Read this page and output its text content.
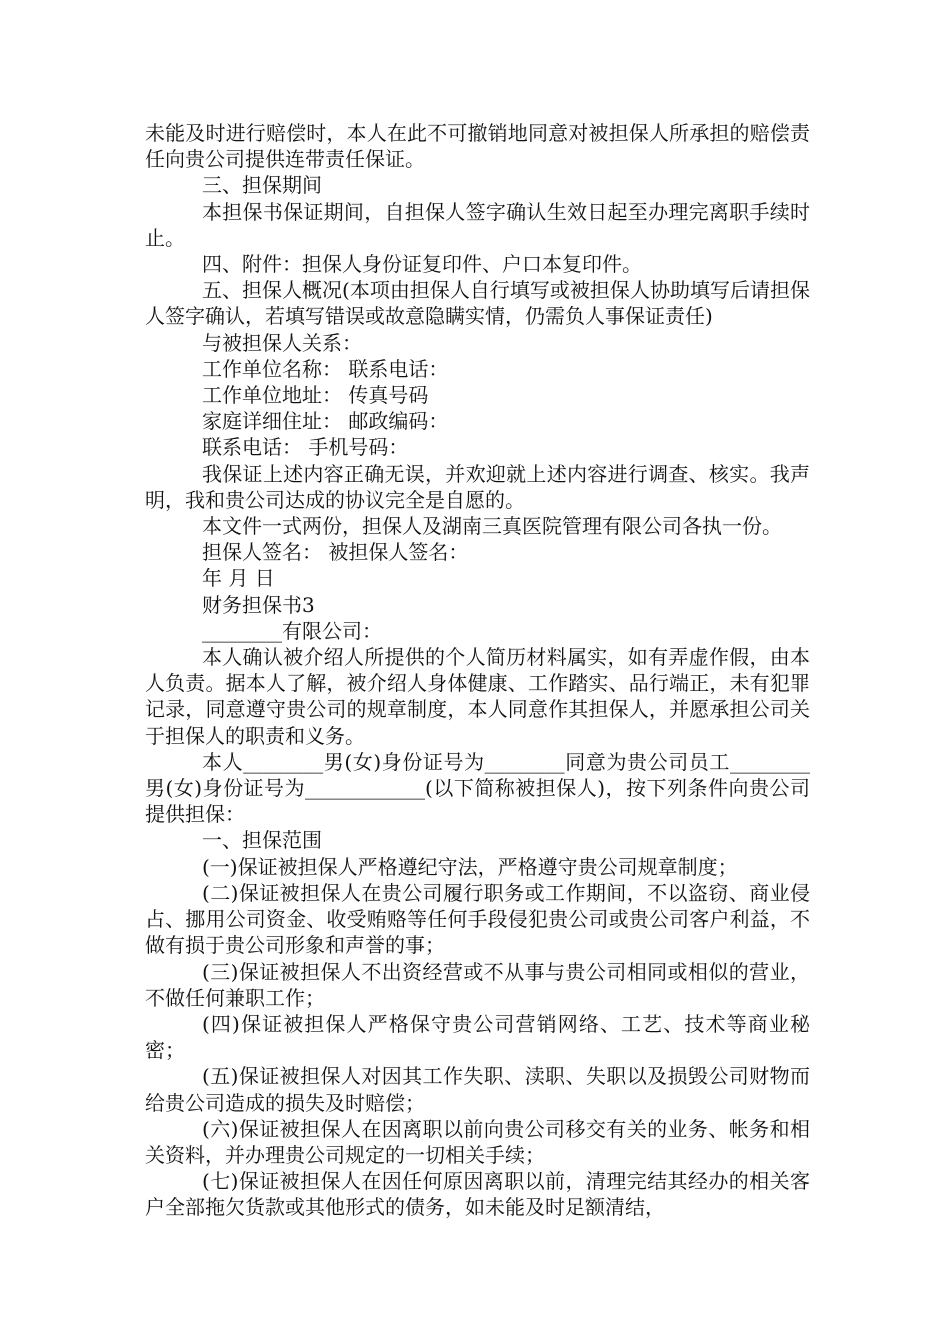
未能及时进行赔偿时，本人在此不可撤销地同意对被担保人所承担的赔偿责任向贵公司提供连带责任保证。

三、担保期间

本担保书保证期间，自担保人签字确认生效日起至办理完离职手续时止。

四、附件：担保人身份证复印件、户口本复印件。

五、担保人概况(本项由担保人自行填写或被担保人协助填写后请担保人签字确认，若填写错误或故意隐瞒实情，仍需负人事保证责任)

与被担保人关系：

工作单位名称： 联系电话：

工作单位地址： 传真号码

家庭详细住址： 邮政编码：

联系电话： 手机号码：

我保证上述内容正确无误，并欢迎就上述内容进行调查、核实。我声明，我和贵公司达成的协议完全是自愿的。

本文件一式两份，担保人及湖南三真医院管理有限公司各执一份。

担保人签名： 被担保人签名：

年 月 日

财务担保书3

________有限公司：

本人确认被介绍人所提供的个人简历材料属实，如有弄虚作假，由本人负责。据本人了解，被介绍人身体健康、工作踏实、品行端正，未有犯罪记录，同意遵守贵公司的规章制度，本人同意作其担保人，并愿承担公司关于担保人的职责和义务。

本人________男(女)身份证号为________同意为贵公司员工________男(女)身份证号为____________(以下简称被担保人)，按下列条件向贵公司提供担保：

一、担保范围

(一)保证被担保人严格遵纪守法，严格遵守贵公司规章制度；

(二)保证被担保人在贵公司履行职务或工作期间，不以盗窃、商业侵占、挪用公司资金、收受贿赂等任何手段侵犯贵公司或贵公司客户利益，不做有损于贵公司形象和声誉的事；

(三)保证被担保人不出资经营或不从事与贵公司相同或相似的营业，不做任何兼职工作；

(四)保证被担保人严格保守贵公司营销网络、工艺、技术等商业秘密；

(五)保证被担保人对因其工作失职、渎职、失职以及损毁公司财物而给贵公司造成的损失及时赔偿；

(六)保证被担保人在因离职以前向贵公司移交有关的业务、帐务和相关资料，并办理贵公司规定的一切相关手续；

(七)保证被担保人在因任何原因离职以前，清理完结其经办的相关客户全部拖欠货款或其他形式的债务，如未能及时足额清结，
